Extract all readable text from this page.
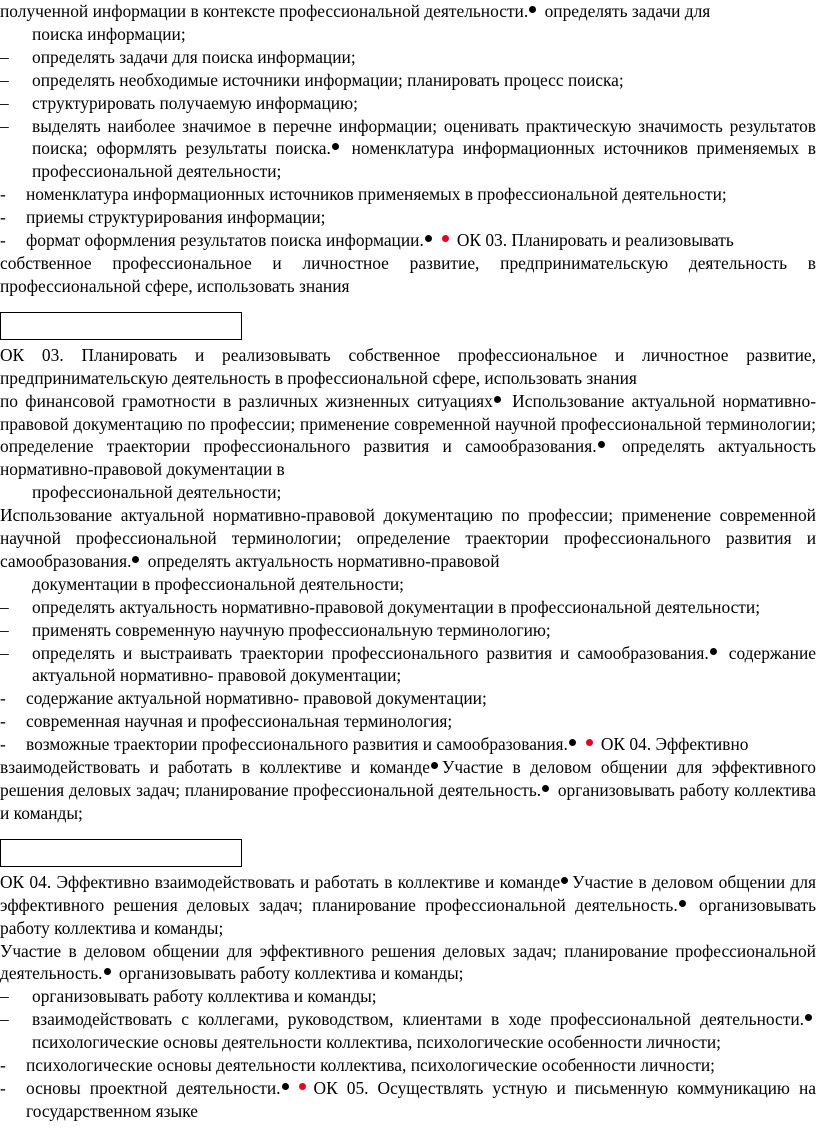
полученной информации в контексте профессиональной деятельности. определять задачи для
поиска информации;

–	определять задачи для поиска информации;

–	определять необходимые источники информации; планировать процесс поиска;

–	структурировать получаемую информацию;

–	выделять наиболее значимое в перечне информации; оценивать практическую значимость результатов поиска; оформлять результаты поиска. номенклатура информационных источников применяемых в профессиональной деятельности;

-	номенклатура информационных источников применяемых в профессиональной деятельности;

-	приемы структурирования информации;

-	формат оформления результатов поиска информации. ОК 03. Планировать и реализовывать

собственное профессиональное и личностное развитие, предпринимательскую деятельность в профессиональной сфере, использовать знания

ОК 03. Планировать и реализовывать собственное профессиональное и личностное развитие, предпринимательскую деятельность в профессиональной сфере, использовать знания
по финансовой грамотности в различных жизненных ситуациях Использование актуальной нормативно-правовой документацию по профессии; применение современной научной профессиональной терминологии; определение траектории профессионального развития и самообразования. определять актуальность нормативно-правовой документации в
профессиональной деятельности;

Использование актуальной нормативно-правовой документацию по профессии; применение современной научной профессиональной терминологии; определение траектории профессионального развития и самообразования. определять актуальность нормативно-правовой
документации в профессиональной деятельности;

–	определять актуальность нормативно-правовой документации в профессиональной деятельности;

–	применять современную научную профессиональную терминологию;

–	определять и выстраивать траектории профессионального развития и самообразования. содержание актуальной нормативно- правовой документации;

-	содержание актуальной нормативно- правовой документации;

-	современная научная и профессиональная терминология;

-	возможные траектории профессионального развития и самообразования. ОК 04. Эффективно

взаимодействовать и работать в коллективе и команде Участие в деловом общении для эффективного решения деловых задач; планирование профессиональной деятельность. организовывать работу коллектива и команды;

ОК 04. Эффективно взаимодействовать и работать в коллективе и команде Участие в деловом общении для эффективного решения деловых задач; планирование профессиональной деятельность. организовывать работу коллектива и команды;

Участие в деловом общении для эффективного решения деловых задач; планирование профессиональной деятельность. организовывать работу коллектива и команды;

–	организовывать работу коллектива и команды;

–	взаимодействовать с коллегами, руководством, клиентами в ходе профессиональной деятельности. психологические основы деятельности коллектива, психологические особенности личности;

-	психологические основы деятельности коллектива, психологические особенности личности;

-	основы проектной деятельности. ОК 05. Осуществлять устную и письменную коммуникацию на государственном языке
